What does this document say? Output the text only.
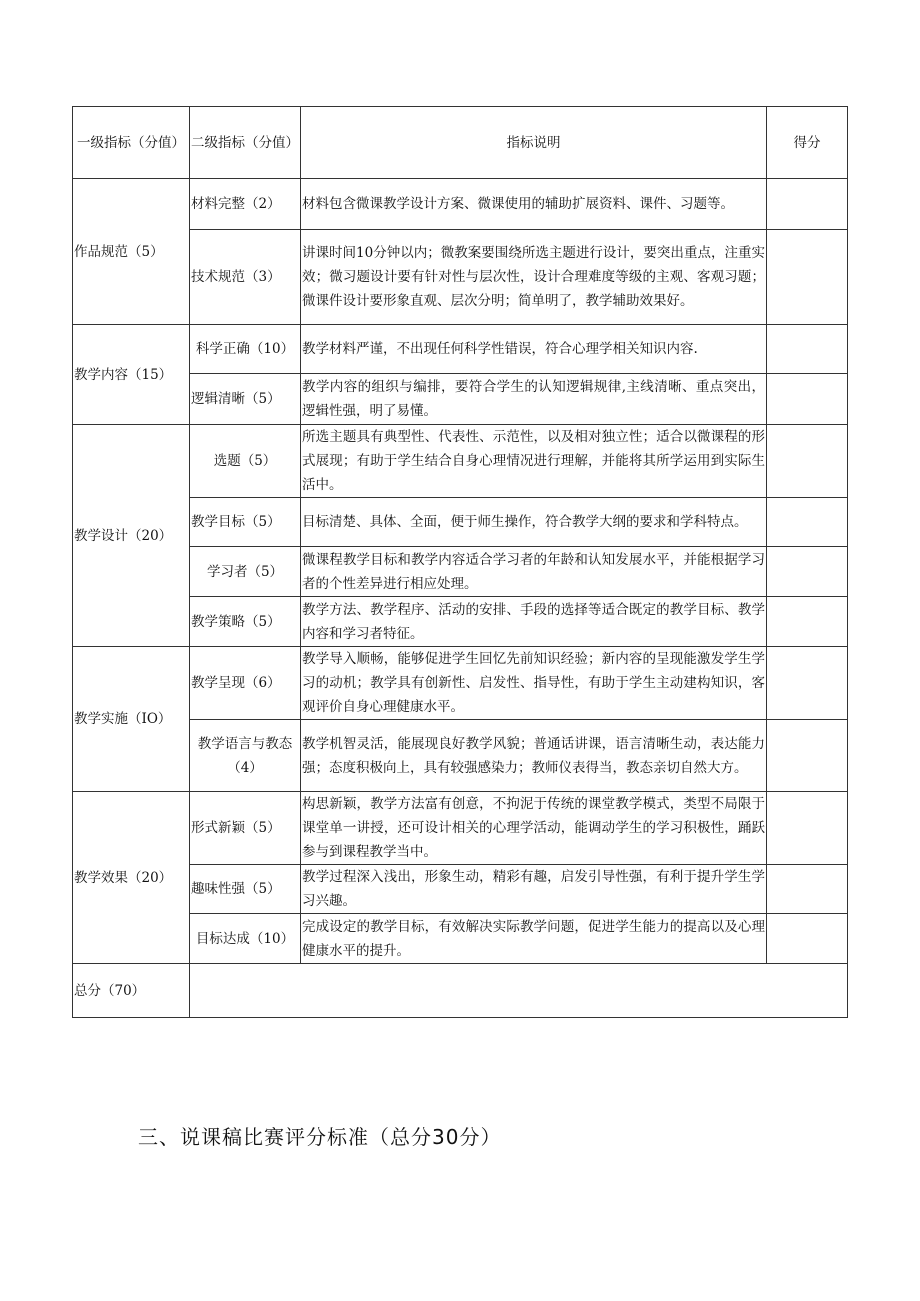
一级指标（分值）	二级指标（分值）	指标说明	得分
作品规范（5）	材料完整（2）	材料包含微课教学设计方案、微课使用的辅助扩展资料、课件、习题等。	
	技术规范（3）	讲课时间10分钟以内；微教案要围绕所选主题进行设计，要突出重点，注重实效；微习题设计要有针对性与层次性，设计合理难度等级的主观、客观习题；微课件设计要形象直观、层次分明；简单明了，教学辅助效果好。	
教学内容（15）	科学正确（10）	教学材料严谨，不出现任何科学性错误，符合心理学相关知识内容.	
	逻辑清晰（5）	教学内容的组织与编排，要符合学生的认知逻辑规律,主线清晰、重点突出，逻辑性强，明了易懂。	
教学设计（20）	选题（5）	所选主题具有典型性、代表性、示范性，以及相对独立性；适合以微课程的形式展现；有助于学生结合自身心理情况进行理解，并能将其所学运用到实际生活中。	
	教学目标（5）	目标清楚、具体、全面，便于师生操作，符合教学大纲的要求和学科特点。	
	学习者（5）	微课程教学目标和教学内容适合学习者的年龄和认知发展水平，并能根据学习者的个性差异进行相应处理。	
	教学策略（5）	教学方法、教学程序、活动的安排、手段的选择等适合既定的教学目标、教学内容和学习者特征。	
教学实施（IO）	教学呈现（6）	教学导入顺畅，能够促进学生回忆先前知识经验；新内容的呈现能激发学生学习的动机；教学具有创新性、启发性、指导性，有助于学生主动建构知识，客观评价自身心理健康水平。	
	教学语言与教态（4）	教学机智灵活，能展现良好教学风貌；普通话讲课，语言清晰生动，表达能力强；态度积极向上，具有较强感染力；教师仪表得当，教态亲切自然大方。	
教学效果（20）	形式新颖（5）	构思新颖，教学方法富有创意，不拘泥于传统的课堂教学模式，类型不局限于课堂单一讲授，还可设计相关的心理学活动，能调动学生的学习积极性，踊跃参与到课程教学当中。	
	趣味性强（5）	教学过程深入浅出，形象生动，精彩有趣，启发引导性强，有利于提升学生学习兴趣。	
	目标达成（10）	完成设定的教学目标，有效解决实际教学问题，促进学生能力的提高以及心理健康水平的提升。	
总分（70）			
三、说课稿比赛评分标准（总分30分）
